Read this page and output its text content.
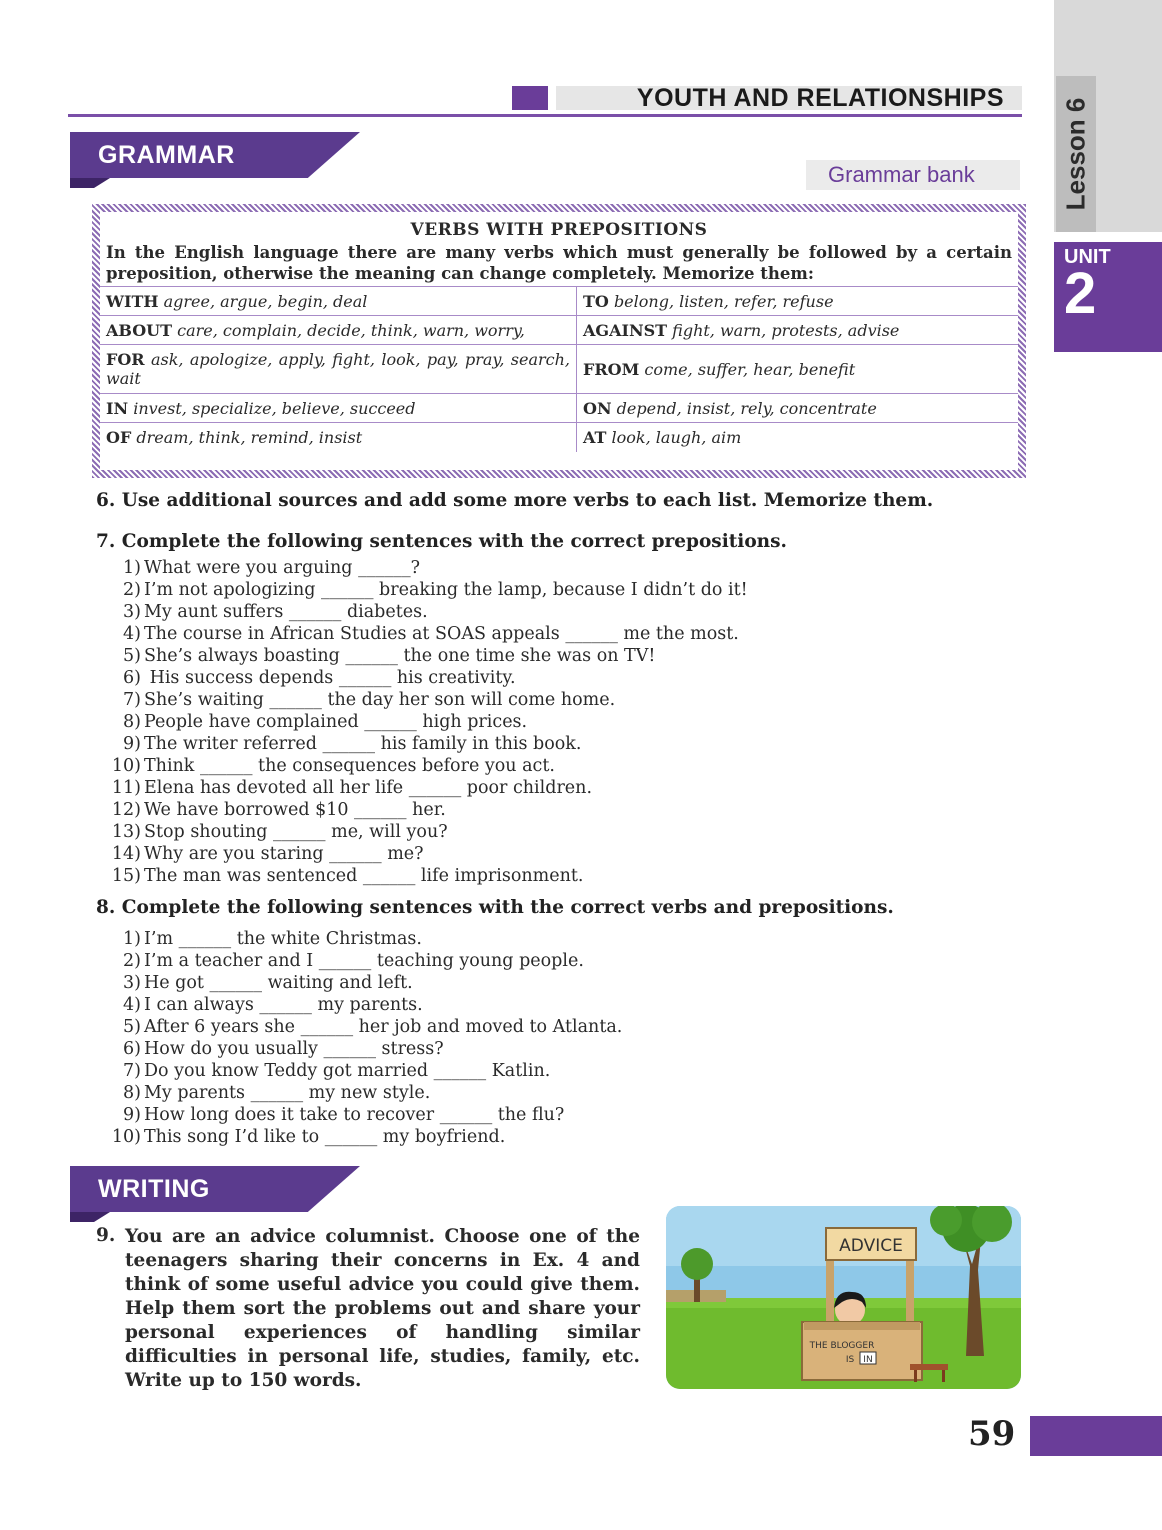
YOUTH AND RELATIONSHIPS Lesson 6
UNIT
2
GRAMMAR
Grammar bank
VERBS WITH PREPOSITIONS
In the English language there are many verbs which must generally be followed by a certain preposition, otherwise the meaning can change completely. Memorize them:
WITH agree, argue, begin, deal	TO belong, listen, refer, refuse
ABOUT care, complain, decide, think, warn, worry,	AGAINST fight, warn, protests, advise
FOR ask, apologize, apply, fight, look, pay, pray, search, wait	FROM come, suffer, hear, benefit
IN invest, specialize, believe, succeed	ON depend, insist, rely, concentrate
OF dream, think, remind, insist	AT look, laugh, aim
6. Use additional sources and add some more verbs to each list. Memorize them.
7. Complete the following sentences with the correct prepositions.
1) What were you arguing ______?
2) I’m not apologizing ______ breaking the lamp, because I didn’t do it!
3) My aunt suffers ______ diabetes.
4) The course in African Studies at SOAS appeals ______ me the most.
5) She’s always boasting ______ the one time she was on TV!
6) His success depends ______ his creativity.
7) She’s waiting ______ the day her son will come home.
8) People have complained ______ high prices.
9) The writer referred ______ his family in this book.
10) Think ______ the consequences before you act.
11) Elena has devoted all her life ______ poor children.
12) We have borrowed $10 ______ her.
13) Stop shouting ______ me, will you?
14) Why are you staring ______ me?
15) The man was sentenced ______ life imprisonment.
8. Complete the following sentences with the correct verbs and prepositions.
1) I’m ______ the white Christmas.
2) I’m a teacher and I ______ teaching young people.
3) He got ______ waiting and left.
4) I can always ______ my parents.
5) After 6 years she ______ her job and moved to Atlanta.
6) How do you usually ______ stress?
7) Do you know Teddy got married ______ Katlin.
8) My parents ______ my new style.
9) How long does it take to recover ______ the flu?
10) This song I’d like to ______ my boyfriend.
WRITING
9. You are an advice columnist. Choose one of the teenagers sharing their concerns in Ex. 4 and think of some useful advice you could give them. Help them sort the problems out and share your personal experiences of handling similar difficulties in personal life, studies, family, etc. Write up to 150 words.
ADVICE
THE BLOGGER
IS IN
59
